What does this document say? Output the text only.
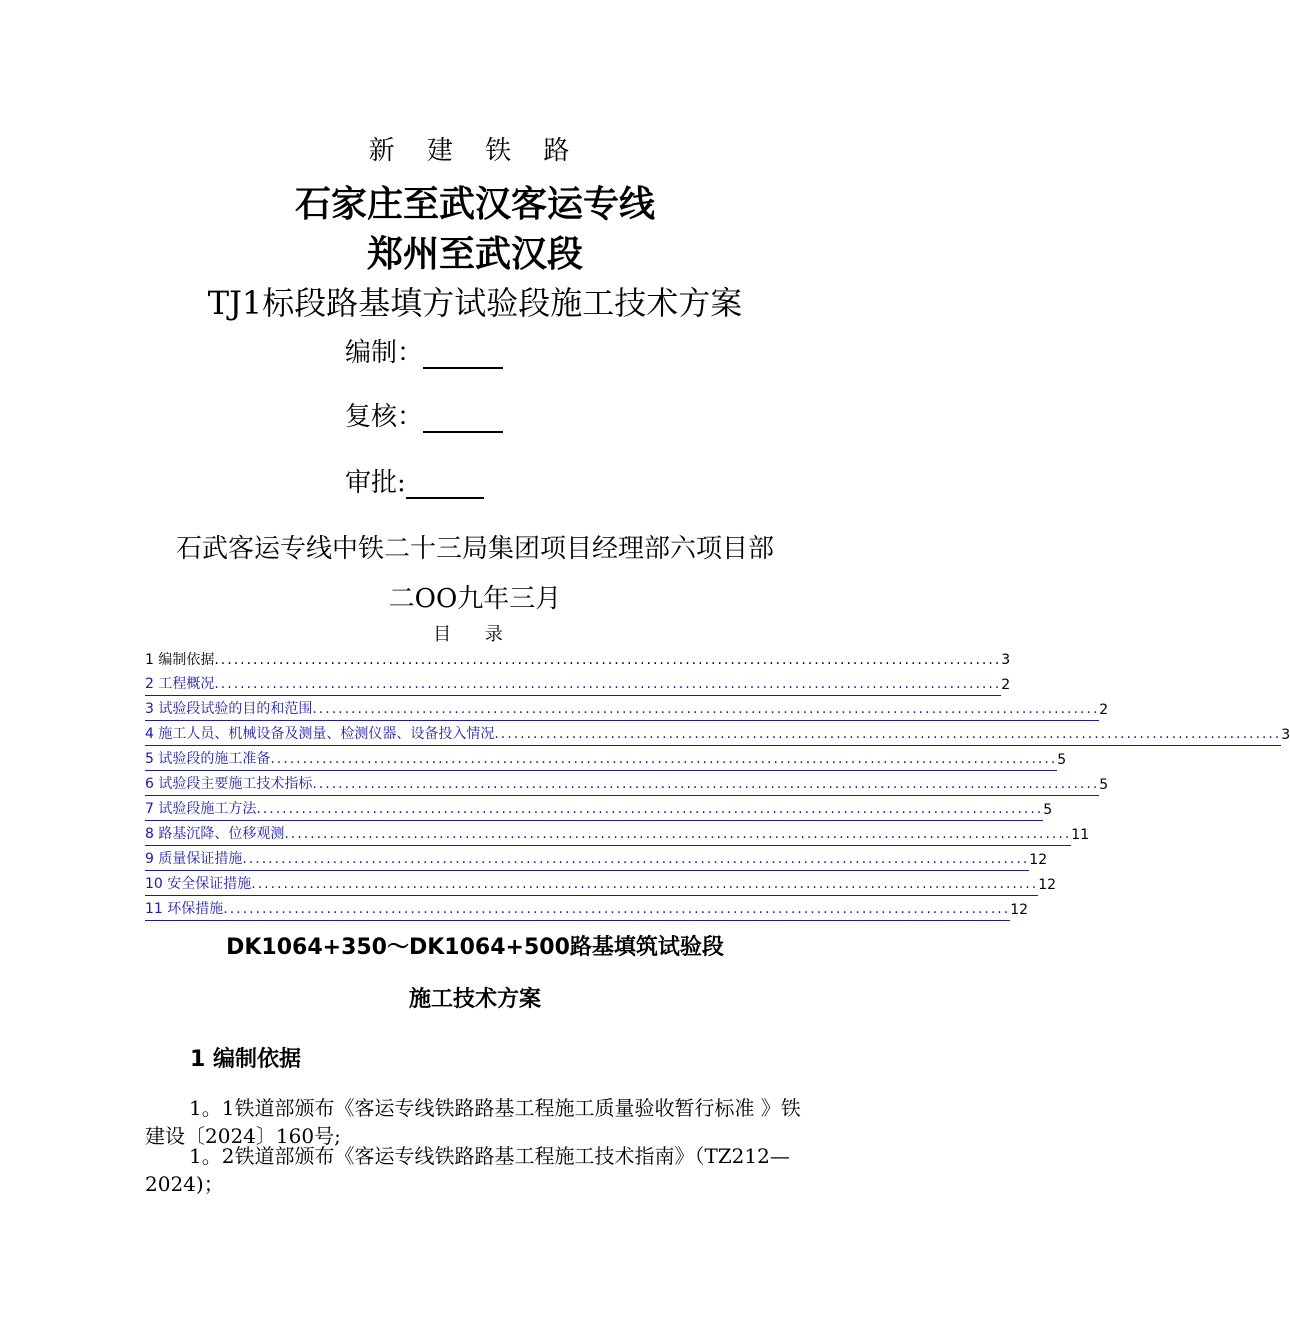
新 建 铁 路
石家庄至武汉客运专线
郑州至武汉段
TJ1标段路基填方试验段施工技术方案
编制：
复核：
审批:
石武客运专线中铁二十三局集团项目经理部六项目部
二OO九年三月
目 录
1 编制依据 .......................................................................................................................... 3
2 工程概况 .......................................................................................................................... 2
3 试验段试验的目的和范围 .......................................................................................................................... 2
4 施工人员、机械设备及测量、检测仪器、设备投入情况 .......................................................................................................................... 3
5 试验段的施工准备 .......................................................................................................................... 5
6 试验段主要施工技术指标 .......................................................................................................................... 5
7 试验段施工方法 .......................................................................................................................... 5
8 路基沉降、位移观测 .......................................................................................................................... 11
9 质量保证措施 .......................................................................................................................... 12
10 安全保证措施 .......................................................................................................................... 12
11 环保措施 .......................................................................................................................... 12
DK1064+350～DK1064+500路基填筑试验段
施工技术方案
1 编制依据
1。1铁道部颁布《客运专线铁路路基工程施工质量验收暂行标准 》铁建设〔2024〕160号;
1。2铁道部颁布《客运专线铁路路基工程施工技术指南》（TZ212—2024)；
